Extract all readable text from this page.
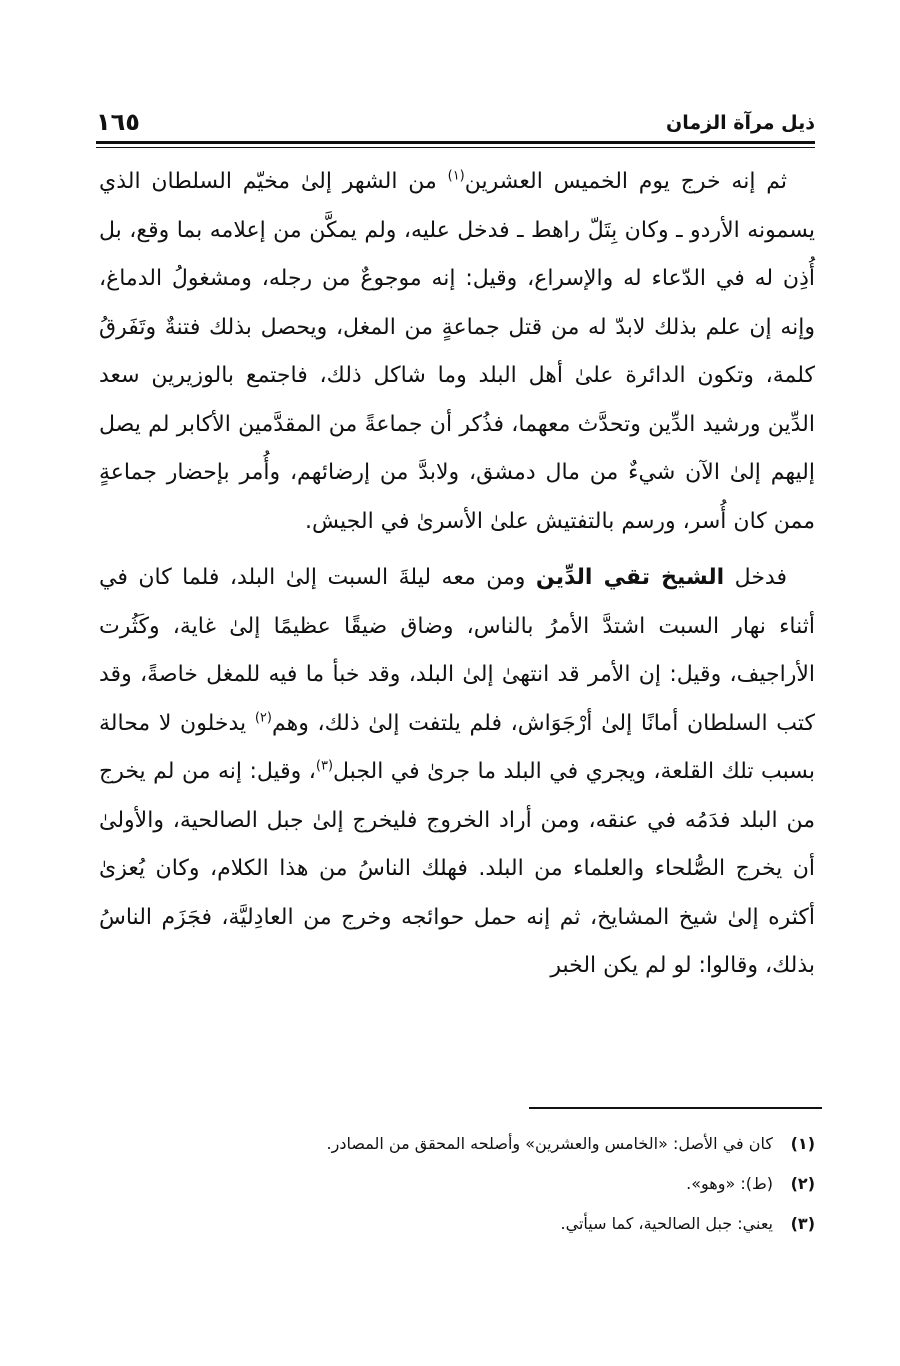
ذيل مرآة الزمان
١٦٥

ثم إنه خرج يوم الخميس العشرين$^{(١)}$ من الشهر إلىٰ مخيّم السلطان الذي يسمونه الأردو ـ وكان بِتَلّ راهط ـ فدخل عليه، ولم يمكَّن من إعلامه بما وقع، بل أُذِن له في الدّعاء له والإسراع، وقيل: إنه موجوعٌ من رجله، ومشغولُ الدماغ، وإنه إن علم بذلك لابدّ له من قتل جماعةٍ من المغل، ويحصل بذلك فتنةٌ وتَفَرقُ كلمة، وتكون الدائرة علىٰ أهل البلد وما شاكل ذلك، فاجتمع بالوزيرين سعد الدِّين ورشيد الدِّين وتحدَّث معهما، فذُكر أن جماعةً من المقدَّمين الأكابر لم يصل إليهم إلىٰ الآن شيءٌ من مال دمشق، ولابدَّ من إرضائهم، وأُمر بإحضار جماعةٍ ممن كان أُسر، ورسم بالتفتيش علىٰ الأسرىٰ في الجيش.

فدخل الشيخ تقي الدِّين ومن معه ليلةَ السبت إلىٰ البلد، فلما كان في أثناء نهار السبت اشتدَّ الأمرُ بالناس، وضاق ضيقًا عظيمًا إلىٰ غاية، وكَثُرت الأراجيف، وقيل: إن الأمر قد انتهىٰ إلىٰ البلد، وقد خبأ ما فيه للمغل خاصةً، وقد كتب السلطان أمانًا إلىٰ أرْجَوَاش، فلم يلتفت إلىٰ ذلك، وهم$^{(٢)}$ يدخلون لا محالة بسبب تلك القلعة، ويجري في البلد ما جرىٰ في الجبل$^{(٣)}$، وقيل: إنه من لم يخرج من البلد فدَمُه في عنقه، ومن أراد الخروج فليخرج إلىٰ جبل الصالحية، والأولىٰ أن يخرج الصُّلحاء والعلماء من البلد. فهلك الناسُ من هذا الكلام، وكان يُعزىٰ أكثره إلىٰ شيخ المشايخ، ثم إنه حمل حوائجه وخرج من العادِليَّة، فجَزَم الناسُ بذلك، وقالوا: لو لم يكن الخبر

(١)كان في الأصل: «الخامس والعشرين» وأصلحه المحقق من المصادر.
(٢)(ط): «وهو».
(٣)يعني: جبل الصالحية، كما سيأتي.
